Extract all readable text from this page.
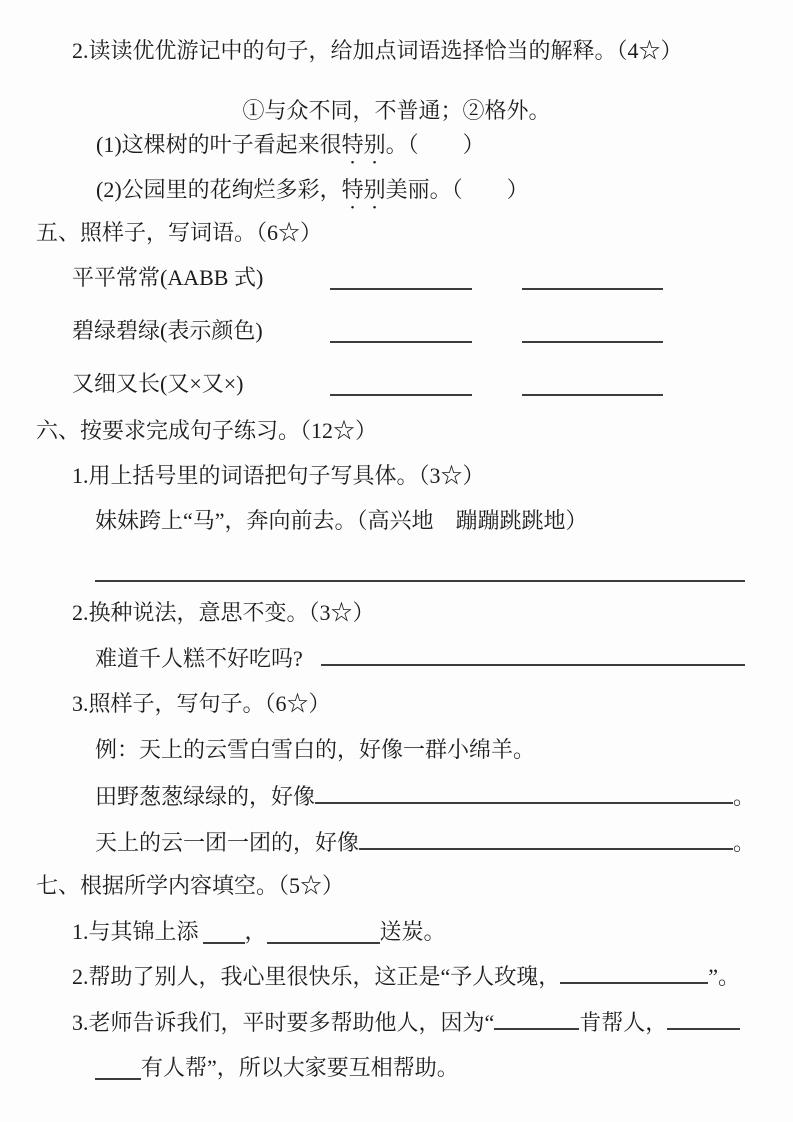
2.读读优优游记中的句子，给加点词语选择恰当的解释。（4☆）
①与众不同，不普通；②格外。
(1)这棵树的叶子看起来很特别。（　　）
(2)公园里的花绚烂多彩，特别美丽。（　　）
五、照样子，写词语。（6☆）
平平常常(AABB 式)
碧绿碧绿(表示颜色)
又细又长(又×又×)
六、按要求完成句子练习。（12☆）
1.用上括号里的词语把句子写具体。（3☆）
妹妹跨上“马”，奔向前去。（高兴地　蹦蹦跳跳地）
2.换种说法，意思不变。（3☆）
难道千人糕不好吃吗?
3.照样子，写句子。（6☆）
例：天上的云雪白雪白的，好像一群小绵羊。
田野葱葱绿绿的，好像	。
天上的云一团一团的，好像	。
七、根据所学内容填空。（5☆）
1.与其锦上添 ，	送炭。
2.帮助了别人，我心里很快乐，这正是“予人玫瑰，	”。
3.老师告诉我们，平时要多帮助他人，因为“	肯帮人，
有人帮”，所以大家要互相帮助。
